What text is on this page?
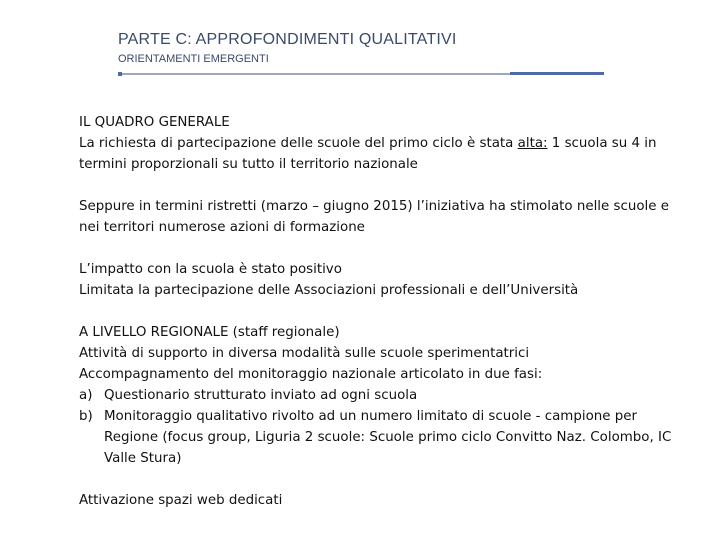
PARTE C: APPROFONDIMENTI QUALITATIVI
ORIENTAMENTI EMERGENTI

IL QUADRO GENERALE

La richiesta di partecipazione delle scuole del primo ciclo è stata alta: 1 scuola su 4 in termini proporzionali su tutto il territorio nazionale

Seppure in termini ristretti (marzo – giugno 2015) l’iniziativa ha stimolato nelle scuole e nei territori numerose azioni di formazione

L’impatto con la scuola è stato positivo

Limitata la partecipazione delle Associazioni professionali e dell’Università

A LIVELLO REGIONALE (staff regionale)

Attività di supporto in diversa modalità sulle scuole sperimentatrici

Accompagnamento del monitoraggio nazionale articolato in due fasi:

a) Questionario strutturato inviato ad ogni scuola
b) Monitoraggio qualitativo rivolto ad un numero limitato di scuole - campione per Regione (focus group, Liguria 2 scuole: Scuole primo ciclo Convitto Naz. Colombo, IC Valle Stura)

Attivazione spazi web dedicati
